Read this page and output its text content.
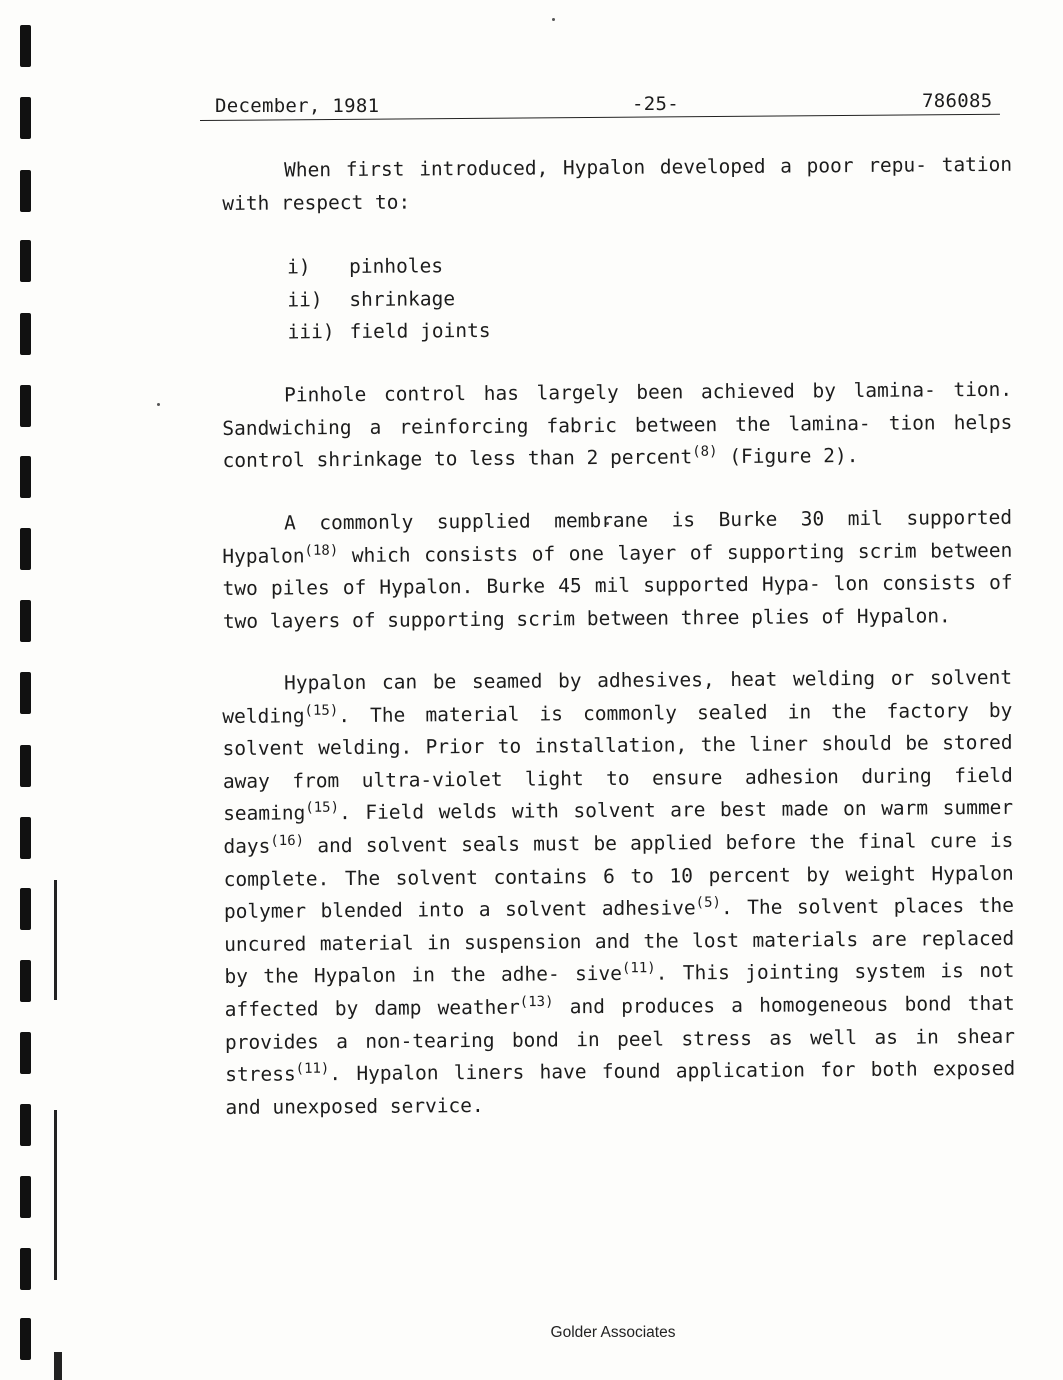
December, 1981	-25-	786085

When first introduced, Hypalon developed a poor repu- tation with respect to:

i)	pinholes
ii)	shrinkage
iii) field joints

Pinhole control has largely been achieved by lamina- tion. Sandwiching a reinforcing fabric between the lamina- tion helps control shrinkage to less than 2 percent$^{(8)}$ (Figure 2).

A commonly supplied membrane is Burke 30 mil supported Hypalon$^{(18)}$ which consists of one layer of supporting scrim between two piles of Hypalon. Burke 45 mil supported Hypa- lon consists of two layers of supporting scrim between three plies of Hypalon.

Hypalon can be seamed by adhesives, heat welding or solvent welding$^{(15)}$. The material is commonly sealed in the factory by solvent welding. Prior to installation, the liner should be stored away from ultra-violet light to ensure adhesion during field seaming$^{(15)}$. Field welds with solvent are best made on warm summer days$^{(16)}$ and solvent seals must be applied before the final cure is complete. The solvent contains 6 to 10 percent by weight Hypalon polymer blended into a solvent adhesive$^{(5)}$. The solvent places the uncured material in suspension and the lost materials are replaced by the Hypalon in the adhe- sive$^{(11)}$. This jointing system is not affected by damp weather$^{(13)}$ and produces a homogeneous bond that provides a non-tearing bond in peel stress as well as in shear stress$^{(11)}$. Hypalon liners have found application for both exposed and unexposed service.

Golder Associates
